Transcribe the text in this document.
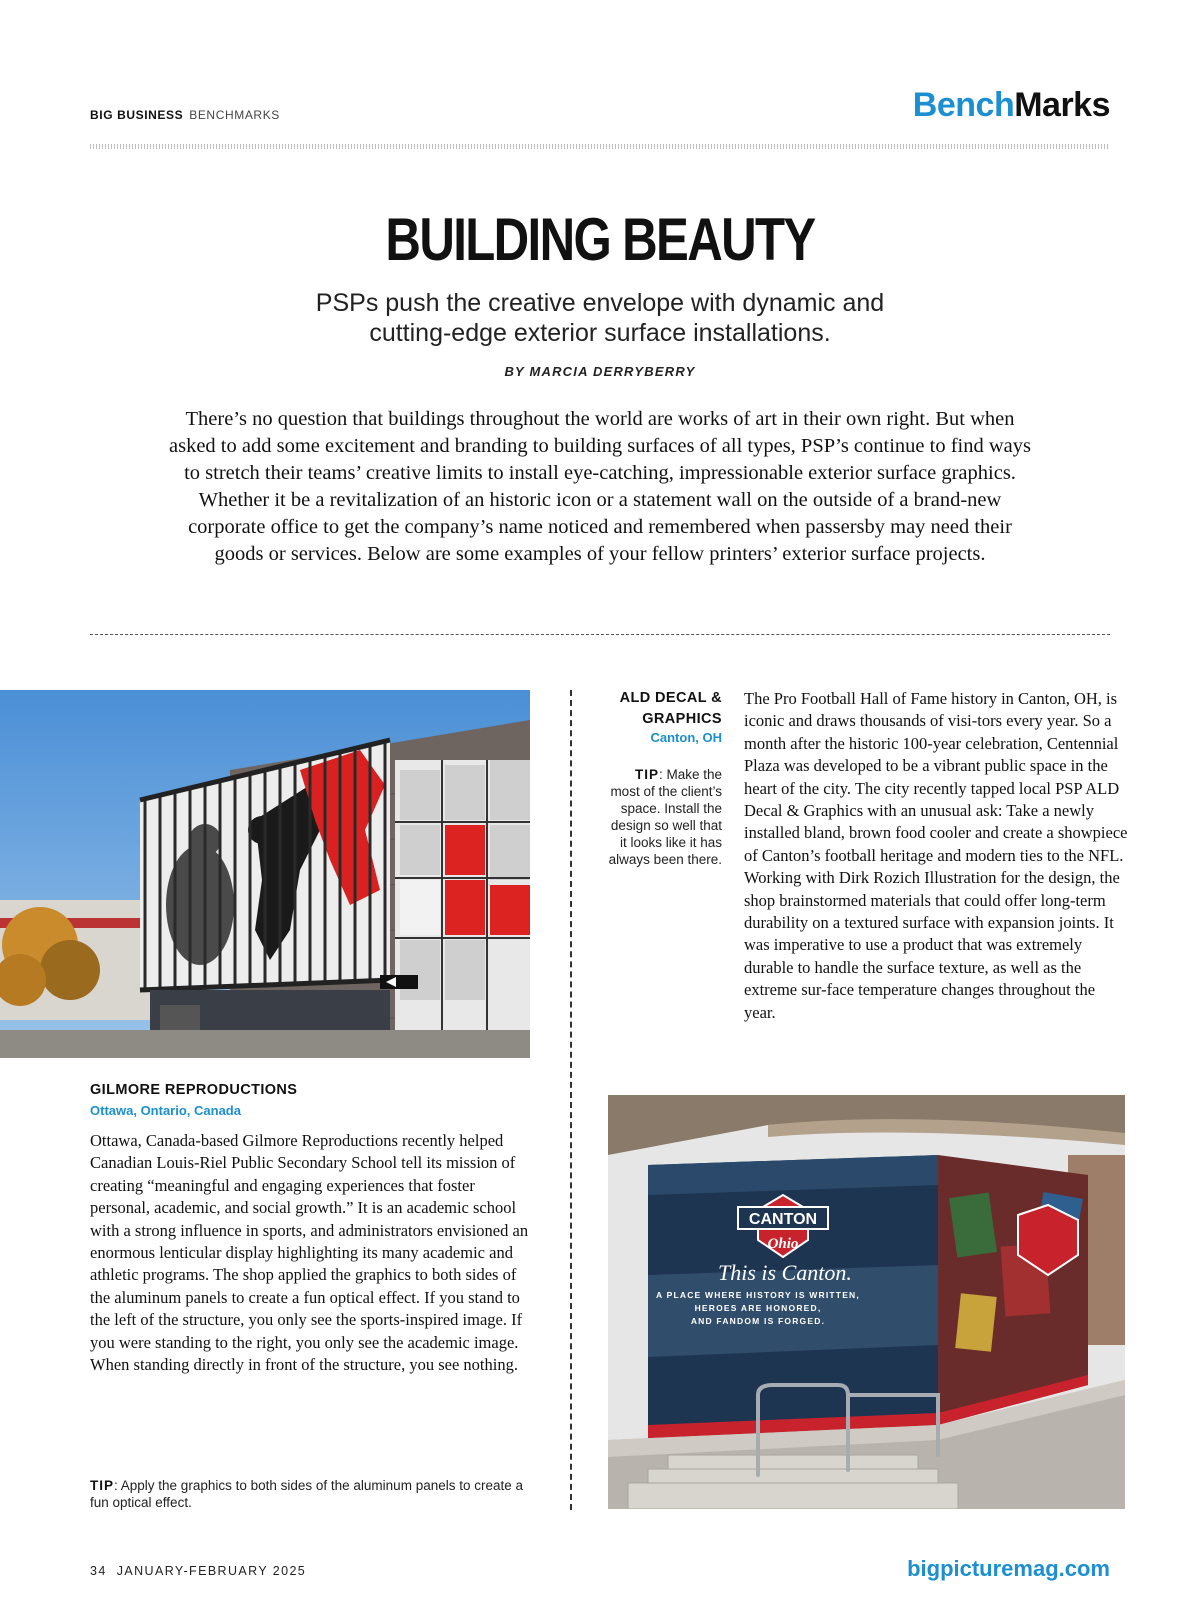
BIG BUSINESS BENCHMARKS	BenchMarks
BUILDING BEAUTY
PSPs push the creative envelope with dynamic and
cutting-edge exterior surface installations.
BY MARCIA DERRYBERRY

There’s no question that buildings throughout the world are works of art in their own right. But when asked to add some excitement and branding to building surfaces of all types, PSP’s continue to find ways to stretch their teams’ creative limits to install eye-catching, impressionable exterior surface graphics. Whether it be a revitalization of an historic icon or a statement wall on the outside of a brand-new corporate office to get the company’s name noticed and remembered when passersby may need their goods or services. Below are some examples of your fellow printers’ exterior surface projects.

GILMORE REPRODUCTIONS
Ottawa, Ontario, Canada

Ottawa, Canada-based Gilmore Reproductions recently helped Canadian Louis-Riel Public Secondary School tell its mission of creating “meaningful and engaging experiences that foster personal, academic, and social growth.” It is an academic school with a strong influence in sports, and administrators envisioned an enormous lenticular display highlighting its many academic and athletic programs. The shop applied the graphics to both sides of the aluminum panels to create a fun optical effect. If you stand to the left of the structure, you only see the sports-inspired image. If you were standing to the right, you only see the academic image. When standing directly in front of the structure, you see nothing.

TIP: Apply the graphics to both sides of the aluminum panels to create a fun optical effect.

ALD DECAL &
GRAPHICS
Canton, OH

TIP: Make the most of the client’s space. Install the design so well that it looks like it has always been there.

The Pro Football Hall of Fame history in Canton, OH, is iconic and draws thousands of visi-tors every year. So a month after the historic 100-year celebration, Centennial Plaza was developed to be a vibrant public space in the heart of the city. The city recently tapped local PSP ALD Decal & Graphics with an unusual ask: Take a newly installed bland, brown food cooler and create a showpiece of Canton’s football heritage and modern ties to the NFL. Working with Dirk Rozich Illustration for the design, the shop brainstormed materials that could offer long-term durability on a textured surface with expansion joints. It was imperative to use a product that was extremely durable to handle the surface texture, as well as the extreme sur-face temperature changes throughout the year.

CANTON
Ohio
This is Canton.
A PLACE WHERE HISTORY IS WRITTEN,
HEROES ARE HONORED,
AND FANDOM IS FORGED.
34 JANUARY-FEBRUARY 2025	bigpicturemag.com
